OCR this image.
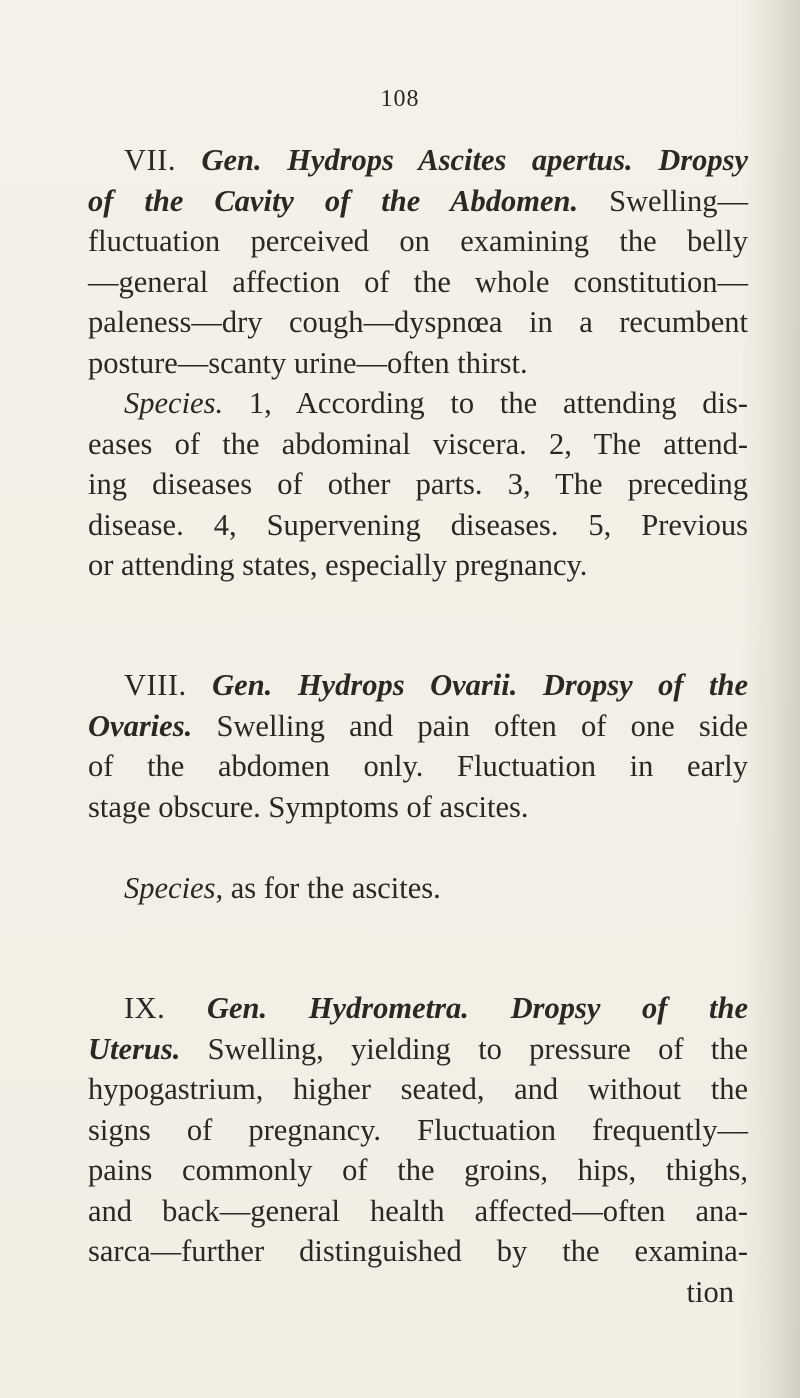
108
VII. Gen. Hydrops Ascites apertus. Dropsy
of the Cavity of the Abdomen. Swelling—
fluctuation perceived on examining the belly
—general affection of the whole constitution—
paleness—dry cough—dyspnœa in a recumbent
posture—scanty urine—often thirst.
Species. 1, According to the attending dis-
eases of the abdominal viscera. 2, The attend-
ing diseases of other parts. 3, The preceding
disease. 4, Supervening diseases. 5, Previous
or attending states, especially pregnancy.
VIII. Gen. Hydrops Ovarii. Dropsy of the
Ovaries. Swelling and pain often of one side
of the abdomen only. Fluctuation in early
stage obscure. Symptoms of ascites.
Species, as for the ascites.
IX. Gen. Hydrometra. Dropsy of the
Uterus. Swelling, yielding to pressure of the
hypogastrium, higher seated, and without the
signs of pregnancy. Fluctuation frequently—
pains commonly of the groins, hips, thighs,
and back—general health affected—often ana-
sarca—further distinguished by the examina-
tion
